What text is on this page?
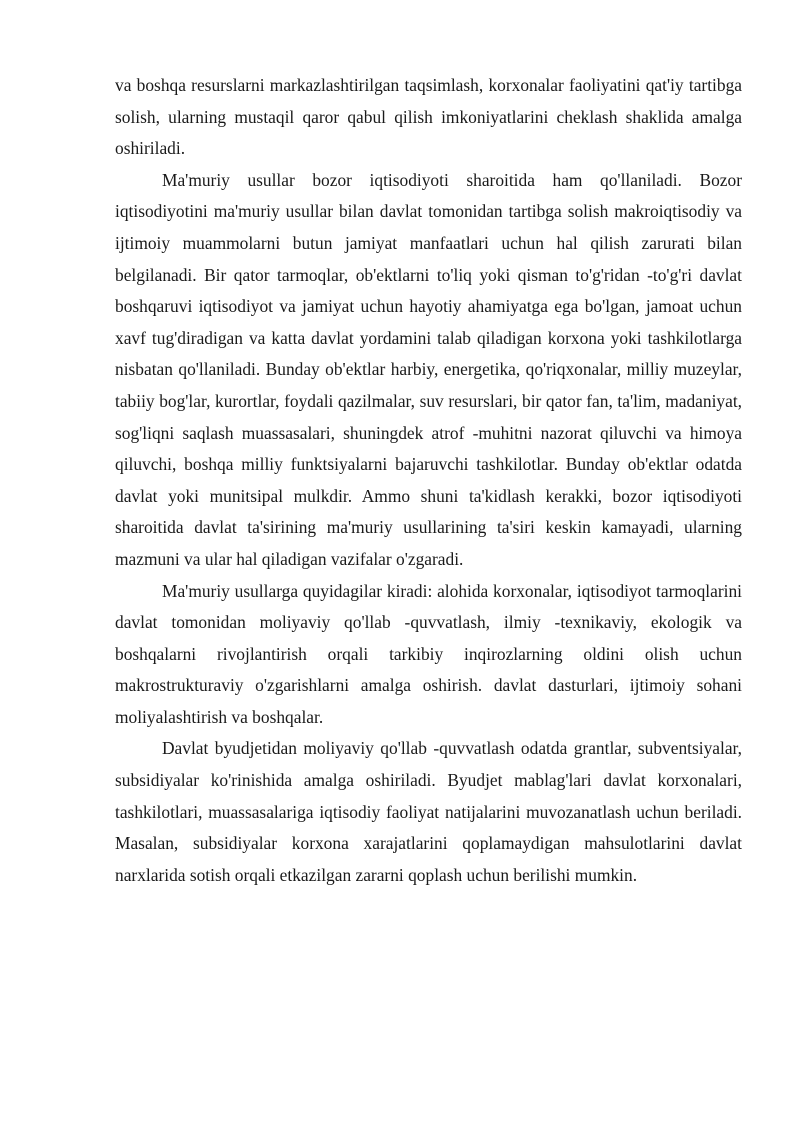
va boshqa resurslarni markazlashtirilgan taqsimlash, korxonalar faoliyatini qat'iy tartibga solish, ularning mustaqil qaror qabul qilish imkoniyatlarini cheklash shaklida amalga oshiriladi.

Ma'muriy usullar bozor iqtisodiyoti sharoitida ham qo'llaniladi. Bozor iqtisodiyotini ma'muriy usullar bilan davlat tomonidan tartibga solish makroiqtisodiy va ijtimoiy muammolarni butun jamiyat manfaatlari uchun hal qilish zarurati bilan belgilanadi. Bir qator tarmoqlar, ob'ektlarni to'liq yoki qisman to'g'ridan -to'g'ri davlat boshqaruvi iqtisodiyot va jamiyat uchun hayotiy ahamiyatga ega bo'lgan, jamoat uchun xavf tug'diradigan va katta davlat yordamini talab qiladigan korxona yoki tashkilotlarga nisbatan qo'llaniladi. Bunday ob'ektlar harbiy, energetika, qo'riqxonalar, milliy muzeylar, tabiiy bog'lar, kurortlar, foydali qazilmalar, suv resurslari, bir qator fan, ta'lim, madaniyat, sog'liqni saqlash muassasalari, shuningdek atrof -muhitni nazorat qiluvchi va himoya qiluvchi, boshqa milliy funktsiyalarni bajaruvchi tashkilotlar. Bunday ob'ektlar odatda davlat yoki munitsipal mulkdir. Ammo shuni ta'kidlash kerakki, bozor iqtisodiyoti sharoitida davlat ta'sirining ma'muriy usullarining ta'siri keskin kamayadi, ularning mazmuni va ular hal qiladigan vazifalar o'zgaradi.

Ma'muriy usullarga quyidagilar kiradi: alohida korxonalar, iqtisodiyot tarmoqlarini davlat tomonidan moliyaviy qo'llab -quvvatlash, ilmiy -texnikaviy, ekologik va boshqalarni rivojlantirish orqali tarkibiy inqirozlarning oldini olish uchun makrostrukturaviy o'zgarishlarni amalga oshirish. davlat dasturlari, ijtimoiy sohani moliyalashtirish va boshqalar.

Davlat byudjetidan moliyaviy qo'llab -quvvatlash odatda grantlar, subventsiyalar, subsidiyalar ko'rinishida amalga oshiriladi. Byudjet mablag'lari davlat korxonalari, tashkilotlari, muassasalariga iqtisodiy faoliyat natijalarini muvozanatlash uchun beriladi. Masalan, subsidiyalar korxona xarajatlarini qoplamaydigan mahsulotlarini davlat narxlarida sotish orqali etkazilgan zararni qoplash uchun berilishi mumkin.
